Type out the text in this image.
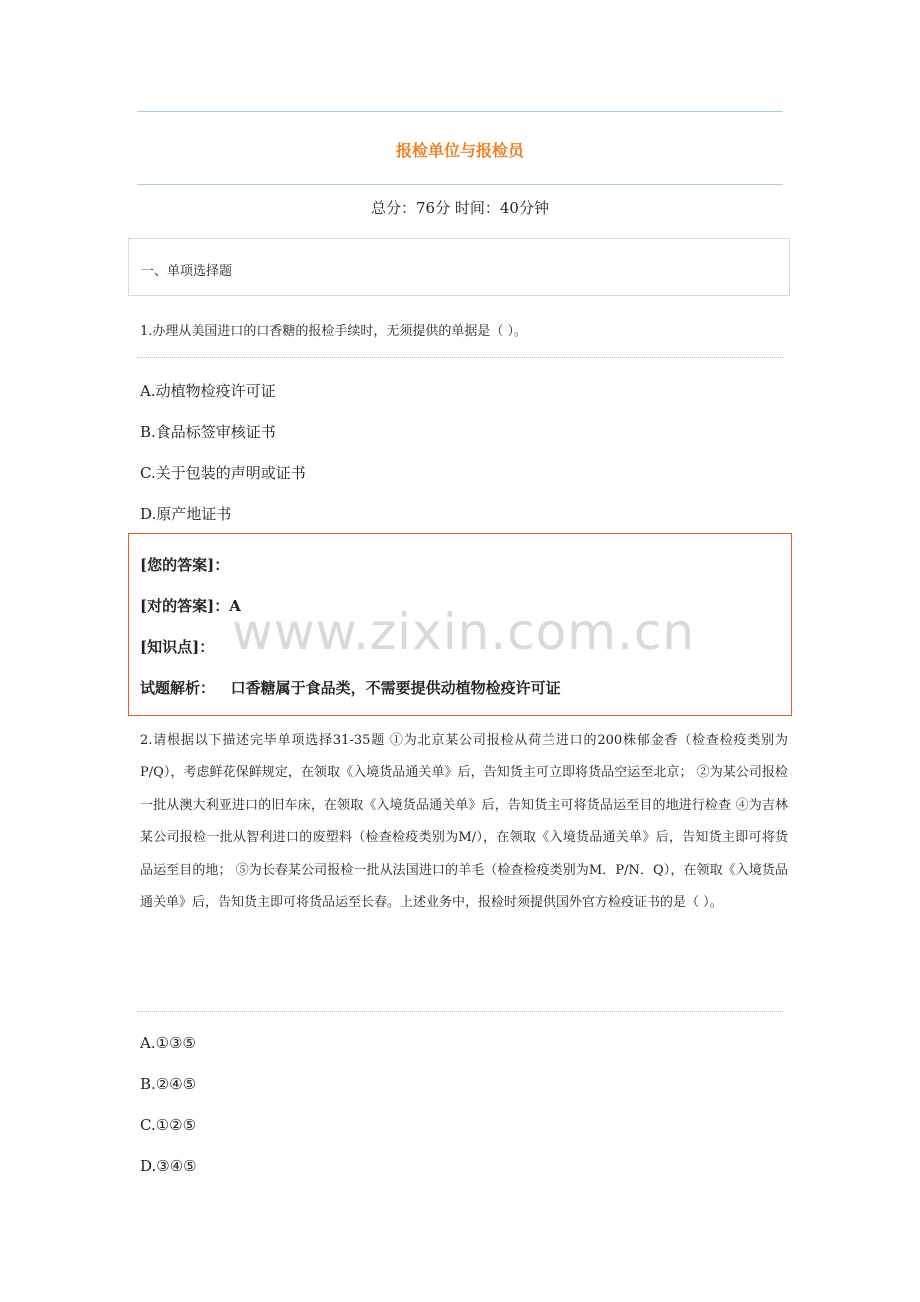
报检单位与报检员
总分：76分 时间：40分钟
一、单项选择题
1.办理从美国进口的口香糖的报检手续时，无须提供的单据是（ ）。
A.动植物检疫许可证
B.食品标签审核证书
C.关于包装的声明或证书
D.原产地证书
[您的答案]：
[对的答案]：A
[知识点]：
试题解析：   口香糖属于食品类，不需要提供动植物检疫许可证
www.zixin.com.cn
2.请根据以下描述完毕单项选择31-35题 ①为北京某公司报检从荷兰进口的200株郁金香（检查检疫类别为P/Q），考虑鲜花保鲜规定，在领取《入境货品通关单》后，告知货主可立即将货品空运至北京； ②为某公司报检一批从澳大利亚进口的旧车床，在领取《入境货品通关单》后，告知货主可将货品运至目的地进行检查 ④为吉林某公司报检一批从智利进口的废塑料（检查检疫类别为M/），在领取《入境货品通关单》后，告知货主即可将货品运至目的地； ⑤为长春某公司报检一批从法国进口的羊毛（检查检疫类别为M．P/N．Q），在领取《入境货品通关单》后，告知货主即可将货品运至长春。上述业务中，报检时须提供国外官方检疫证书的是（ ）。
A.①③⑤
B.②④⑤
C.①②⑤
D.③④⑤
